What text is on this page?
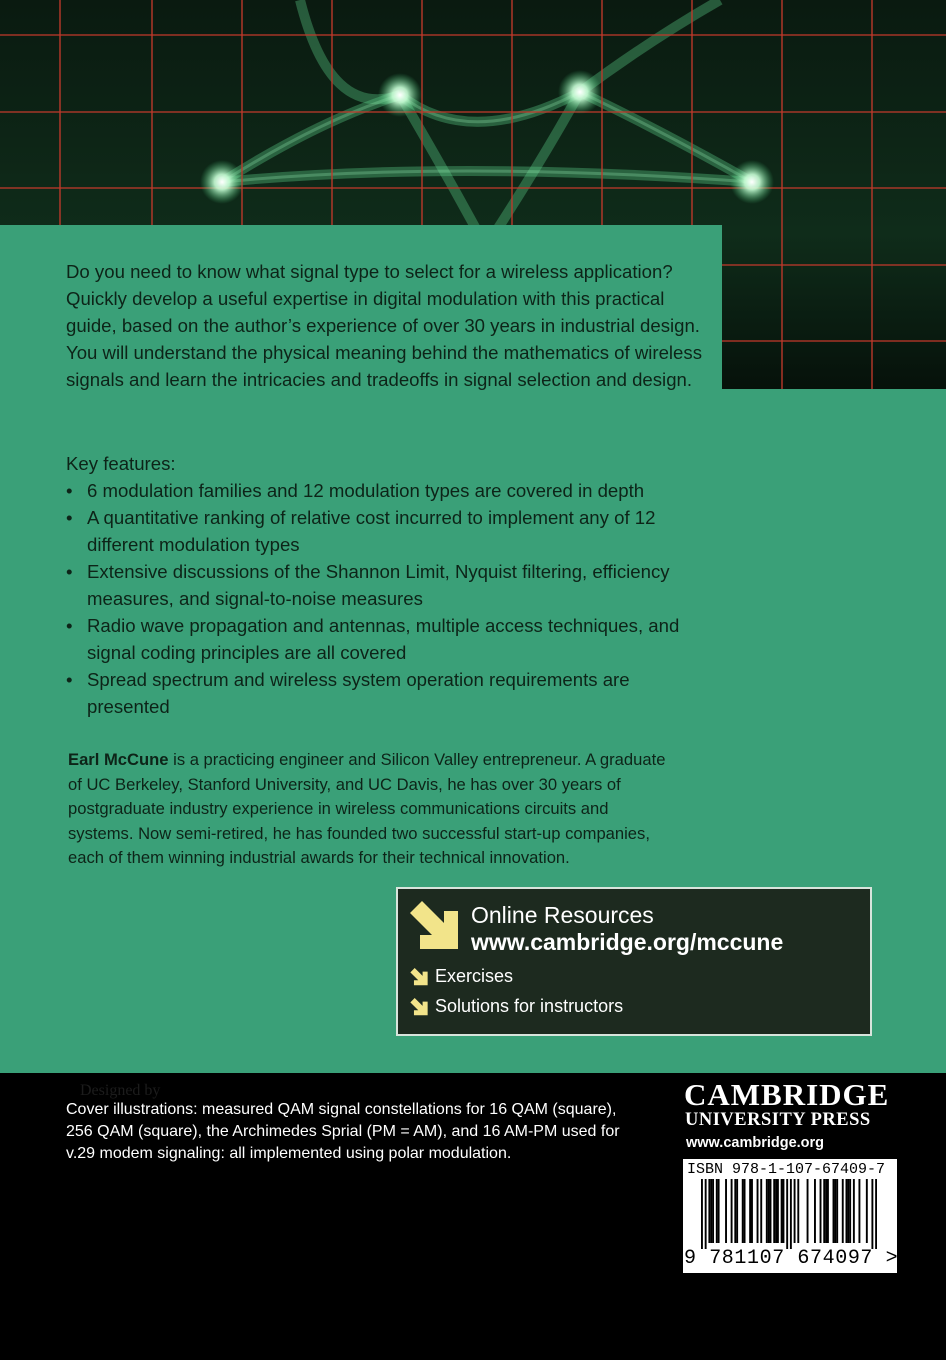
Do you need to know what signal type to select for a wireless application? Quickly develop a useful expertise in digital modulation with this practical guide, based on the author’s experience of over 30 years in industrial design. You will understand the physical meaning behind the mathematics of wireless signals and learn the intricacies and tradeoffs in signal selection and design.

Key features:

• 6 modulation families and 12 modulation types are covered in depth
• A quantitative ranking of relative cost incurred to implement any of 12 different modulation types
• Extensive discussions of the Shannon Limit, Nyquist filtering, efficiency measures, and signal-to-noise measures
• Radio wave propagation and antennas, multiple access techniques, and signal coding principles are all covered
• Spread spectrum and wireless system operation requirements are presented

Earl McCune is a practicing engineer and Silicon Valley entrepreneur. A graduate of UC Berkeley, Stanford University, and UC Davis, he has over 30 years of postgraduate industry experience in wireless communications circuits and systems. Now semi-retired, he has founded two successful start-up companies, each of them winning industrial awards for their technical innovation.

Online Resources
www.cambridge.org/mccune
Exercises
Solutions for instructors
Designed by

Cover illustrations: measured QAM signal constellations for 16 QAM (square), 256 QAM (square), the Archimedes Sprial (PM = AM), and 16 AM-PM used for v.29 modem signaling: all implemented using polar modulation.

CAMBRIDGE
UNIVERSITY PRESS
www.cambridge.org
ISBN 978-1-107-67409-7
9 781107 674097 >
